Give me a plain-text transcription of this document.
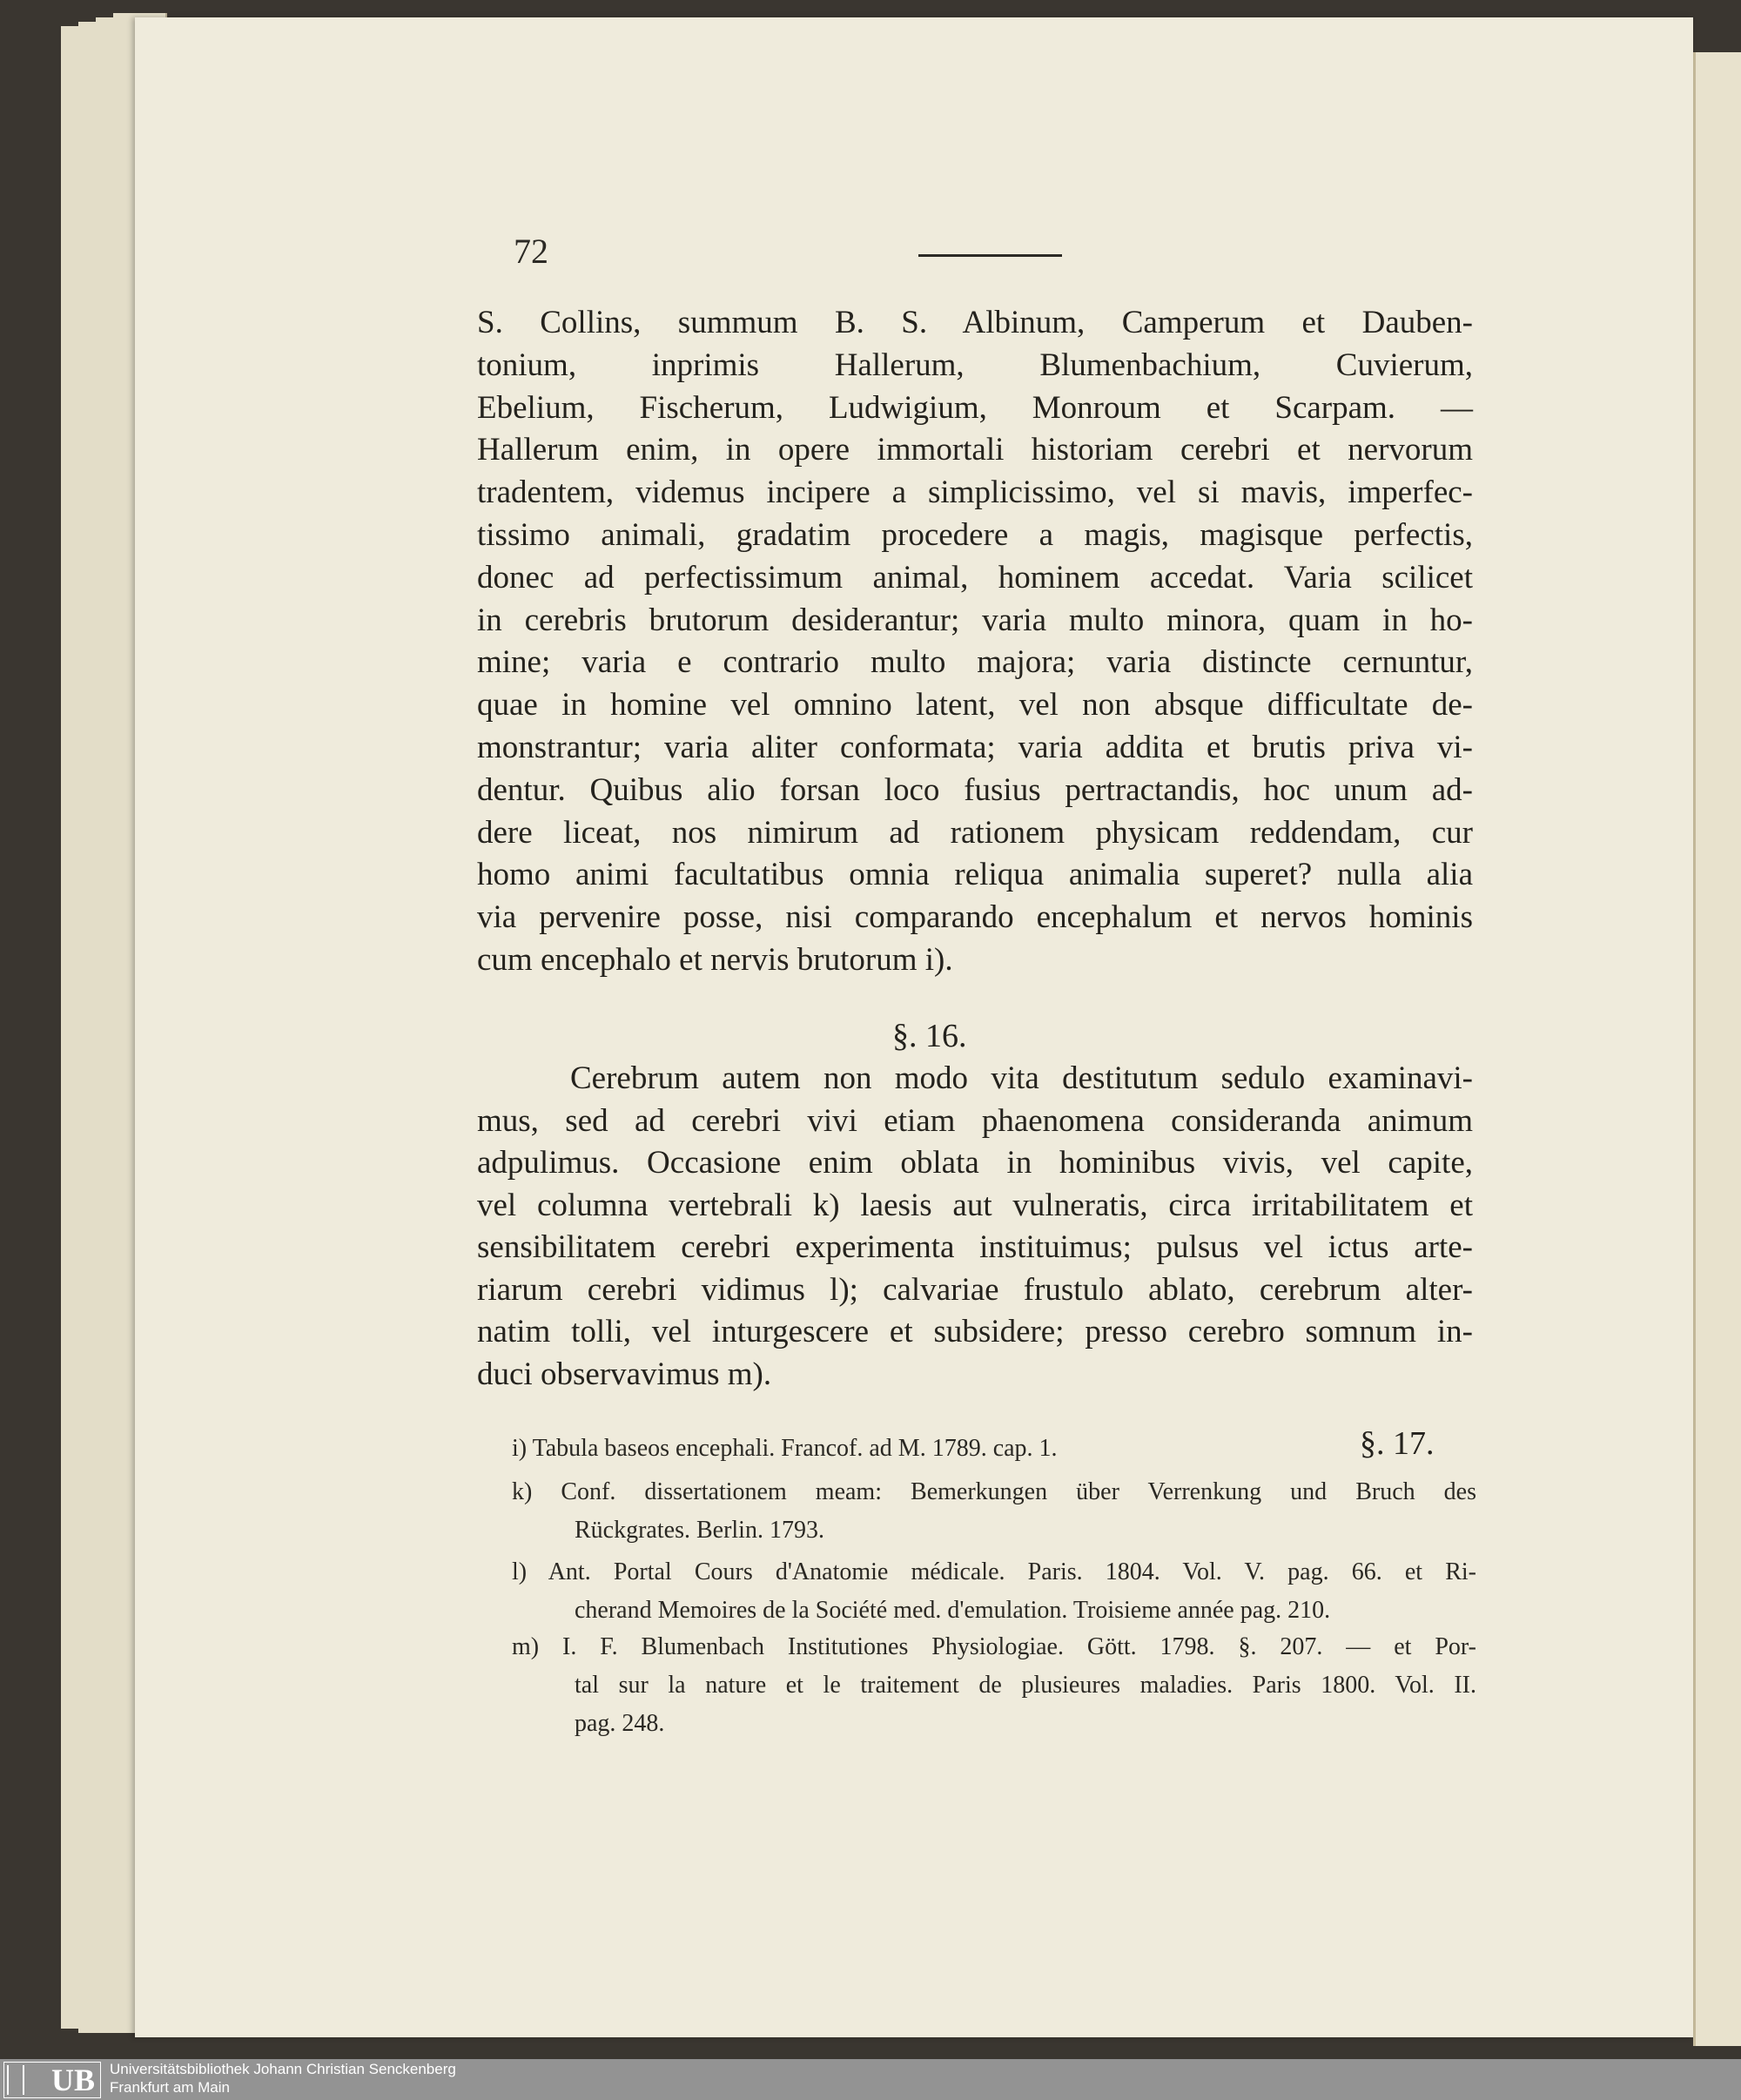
72
S. Collins, summum B. S. Albinum, Camperum et Dauben-
tonium, inprimis Hallerum, Blumenbachium, Cuvierum,
Ebelium, Fischerum, Ludwigium, Monroum et Scarpam. —
Hallerum enim, in opere immortali historiam cerebri et nervorum
tradentem, videmus incipere a simplicissimo, vel si mavis, imperfec-
tissimo animali, gradatim procedere a magis, magisque perfectis,
donec ad perfectissimum animal, hominem accedat. Varia scilicet
in cerebris brutorum desiderantur; varia multo minora, quam in ho-
mine; varia e contrario multo majora; varia distincte cernuntur,
quae in homine vel omnino latent, vel non absque difficultate de-
monstrantur; varia aliter conformata; varia addita et brutis priva vi-
dentur. Quibus alio forsan loco fusius pertractandis, hoc unum ad-
dere liceat, nos nimirum ad rationem physicam reddendam, cur
homo animi facultatibus omnia reliqua animalia superet? nulla alia
via pervenire posse, nisi comparando encephalum et nervos hominis
cum encephalo et nervis brutorum i).
§. 16.
Cerebrum autem non modo vita destitutum sedulo examinavi-
mus, sed ad cerebri vivi etiam phaenomena consideranda animum
adpulimus. Occasione enim oblata in hominibus vivis, vel capite,
vel columna vertebrali k) laesis aut vulneratis, circa irritabilitatem et
sensibilitatem cerebri experimenta instituimus; pulsus vel ictus arte-
riarum cerebri vidimus l); calvariae frustulo ablato, cerebrum alter-
natim tolli, vel inturgescere et subsidere; presso cerebro somnum in-
duci observavimus m).
§. 17.
i) Tabula baseos encephali. Francof. ad M. 1789. cap. 1.
k) Conf. dissertationem meam: Bemerkungen über Verrenkung und Bruch des
Rückgrates. Berlin. 1793.
l) Ant. Portal Cours d'Anatomie médicale. Paris. 1804. Vol. V. pag. 66. et Ri-
cherand Memoires de la Société med. d'emulation. Troisieme année pag. 210.
m) I. F. Blumenbach Institutiones Physiologiae. Gött. 1798. §. 207. — et Por-
tal sur la nature et le traitement de plusieures maladies. Paris 1800. Vol. II.
pag. 248.
UB Universitätsbibliothek Johann Christian Senckenberg
Frankfurt am Main
